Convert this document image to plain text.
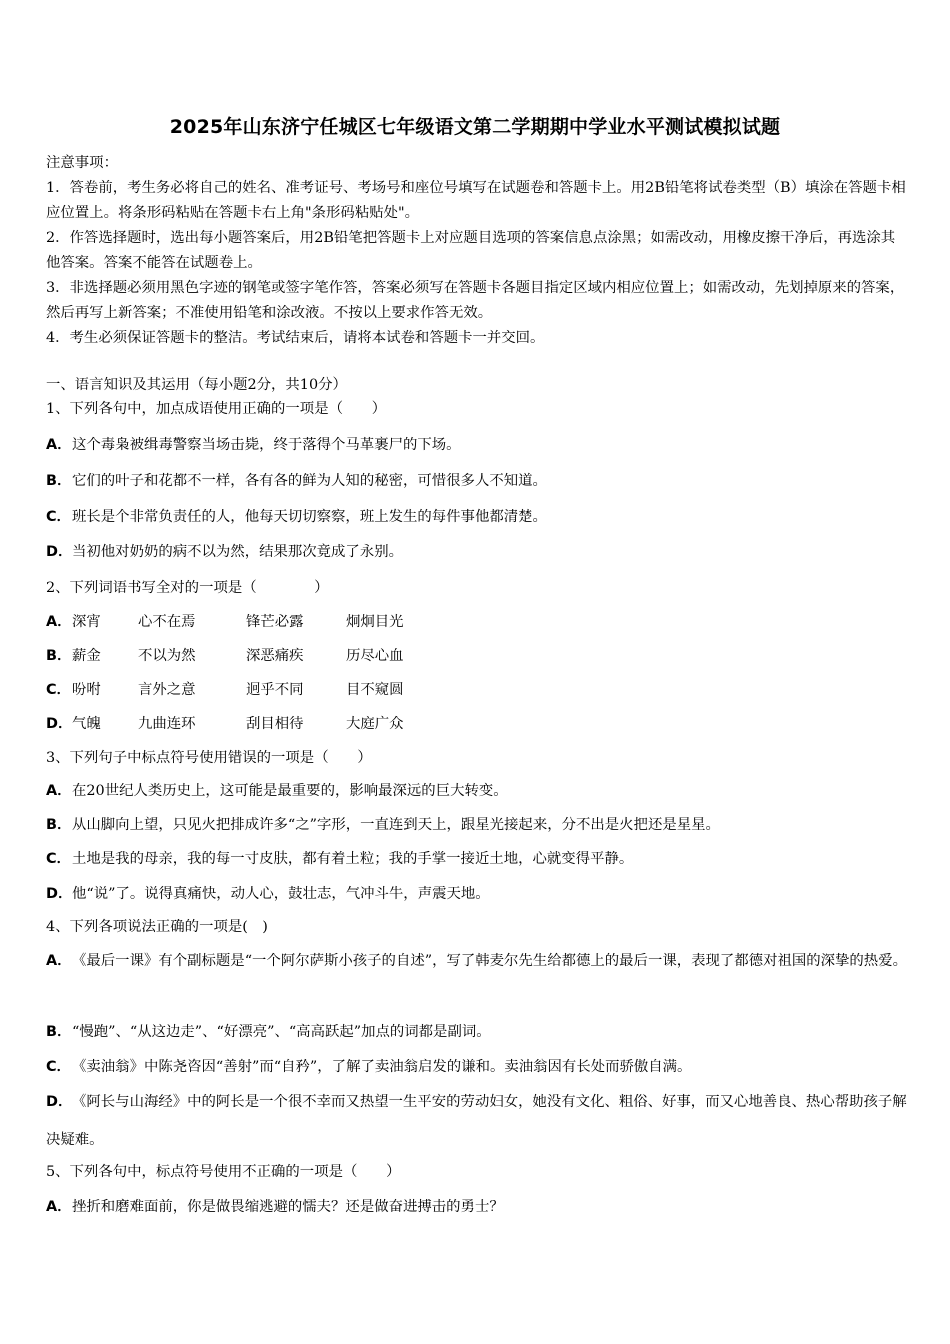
2025年山东济宁任城区七年级语文第二学期期中学业水平测试模拟试题

注意事项：

1．答卷前，考生务必将自己的姓名、准考证号、考场号和座位号填写在试题卷和答题卡上。用2B铅笔将试卷类型（B）填涂在答题卡相应位置上。将条形码粘贴在答题卡右上角"条形码粘贴处"。

2．作答选择题时，选出每小题答案后，用2B铅笔把答题卡上对应题目选项的答案信息点涂黑；如需改动，用橡皮擦干净后，再选涂其他答案。答案不能答在试题卷上。

3．非选择题必须用黑色字迹的钢笔或签字笔作答，答案必须写在答题卡各题目指定区域内相应位置上；如需改动，先划掉原来的答案，然后再写上新答案；不准使用铅笔和涂改液。不按以上要求作答无效。

4．考生必须保证答题卡的整洁。考试结束后，请将本试卷和答题卡一并交回。

一、语言知识及其运用（每小题2分，共10分）
1、下列各句中，加点成语使用正确的一项是（　　）
A．这个毒枭被缉毒警察当场击毙，终于落得个马革裹尸的下场。
B．它们的叶子和花都不一样，各有各的鲜为人知的秘密，可惜很多人不知道。
C．班长是个非常负责任的人，他每天切切察察，班上发生的每件事他都清楚。
D．当初他对奶奶的病不以为然，结果那次竟成了永别。
2、下列词语书写全对的一项是（　　　　）
A．深宵	心不在焉	锋芒必露	炯炯目光
B．薪金	不以为然	深恶痛疾	历尽心血
C．吩咐	言外之意	迥乎不同	目不窥圆
D．气魄	九曲连环	刮目相待	大庭广众
3、下列句子中标点符号使用错误的一项是（　　）
A．在20世纪人类历史上，这可能是最重要的，影响最深远的巨大转变。
B．从山脚向上望，只见火把排成许多“之”字形，一直连到天上，跟星光接起来，分不出是火把还是星星。
C．土地是我的母亲，我的每一寸皮肤，都有着土粒；我的手掌一接近土地，心就变得平静。
D．他“说”了。说得真痛快，动人心，鼓壮志，气冲斗牛，声震天地。
4、下列各项说法正确的一项是(　)
A．《最后一课》有个副标题是“一个阿尔萨斯小孩子的自述”，写了韩麦尔先生给都德上的最后一课，表现了都德对祖国的深挚的热爱。
B．“慢跑”、“从这边走”、“好漂亮”、“高高跃起”加点的词都是副词。
C．《卖油翁》中陈尧咨因“善射”而“自矜”，了解了卖油翁启发的谦和。卖油翁因有长处而骄傲自满。
D．《阿长与山海经》中的阿长是一个很不幸而又热望一生平安的劳动妇女，她没有文化、粗俗、好事，而又心地善良、热心帮助孩子解决疑难。
5、下列各句中，标点符号使用不正确的一项是（　　）
A．挫折和磨难面前，你是做畏缩逃避的懦夫？还是做奋进搏击的勇士？
